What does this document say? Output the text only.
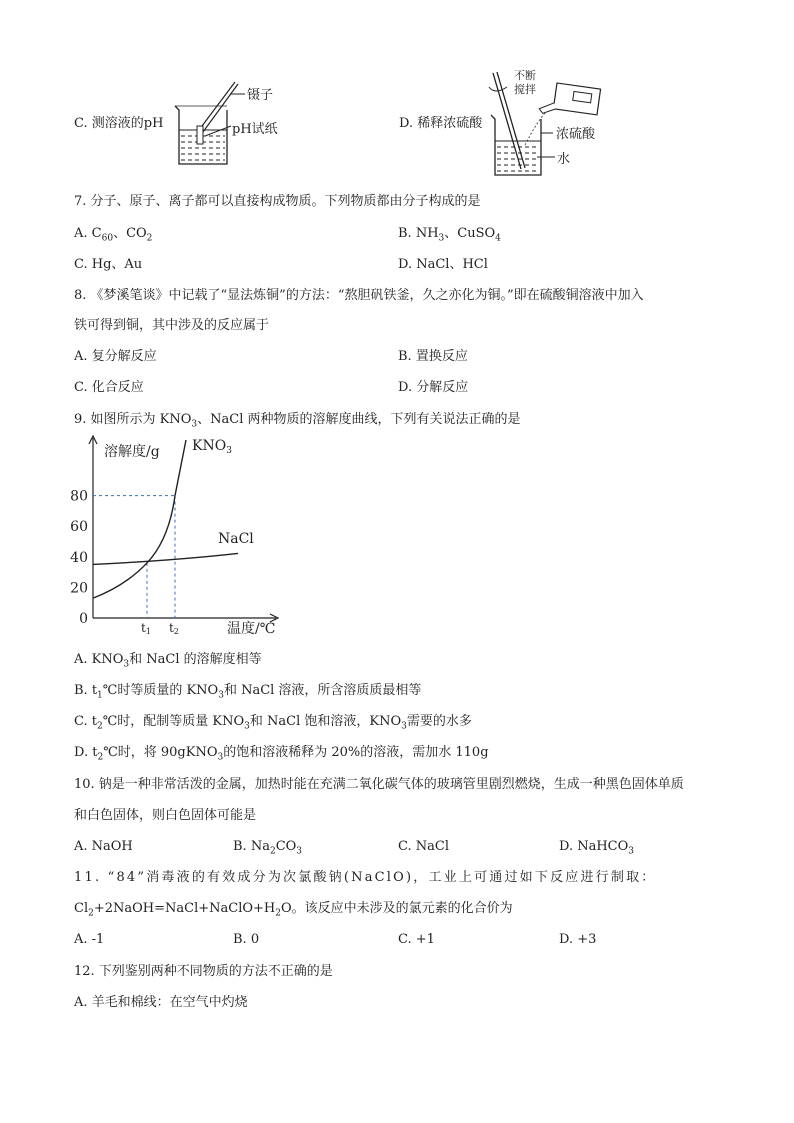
C. 测溶液的pH
镊子
pH试纸	D. 稀释浓硫酸
不断
搅拌
浓硫酸
水
7. 分子、原子、离子都可以直接构成物质。下列物质都由分子构成的是
A. $C_{60}$、$CO_2$	B. $NH_3$、CuSO$_4$
C. Hg、Au	D. NaCl、HCl
8. 《梦溪笔谈》中记载了“显法炼铜”的方法：“熬胆矾铁釜，久之亦化为铜。”即在硫酸铜溶液中加入
铁可得到铜，其中涉及的反应属于
A. 复分解反应	B. 置换反应
C. 化合反应	D. 分解反应
9. 如图所示为 $KNO_3$、NaCl 两种物质的溶解度曲线，下列有关说法正确的是
溶解度/g
0
20
40
60
80
t1 t2
$KNO_3$
NaCl
温度/℃
A. $KNO_3$和 NaCl 的溶解度相等
B. $t_1℃$时等质量的 $KNO_3$和 NaCl 溶液，所含溶质质最相等
C. $t_2℃$时，配制等质量 $KNO_3$和 NaCl 饱和溶液，$KNO_3$需要的水多
D. $t_2℃$时，将 90gKNO$_3$的饱和溶液稀释为 20%的溶液，需加水 110g
10. 钠是一种非常活泼的金属，加热时能在充满二氧化碳气体的玻璃管里剧烈燃烧，生成一种黑色固体单质
和白色固体，则白色固体可能是
A. NaOH	B. $Na_2CO_3$	C. NaCl	D. NaHCO$_3$
11. “84”消毒液的有效成分为次氯酸钠(NaClO)，工业上可通过如下反应进行制取：
$Cl_2+2NaOH=NaCl+NaClO+H_2O$。该反应中未涉及的氯元素的化合价为
A. -1	B. 0	C. +1	D. +3
12. 下列鉴别两种不同物质的方法不正确的是
A. 羊毛和棉线：在空气中灼烧
